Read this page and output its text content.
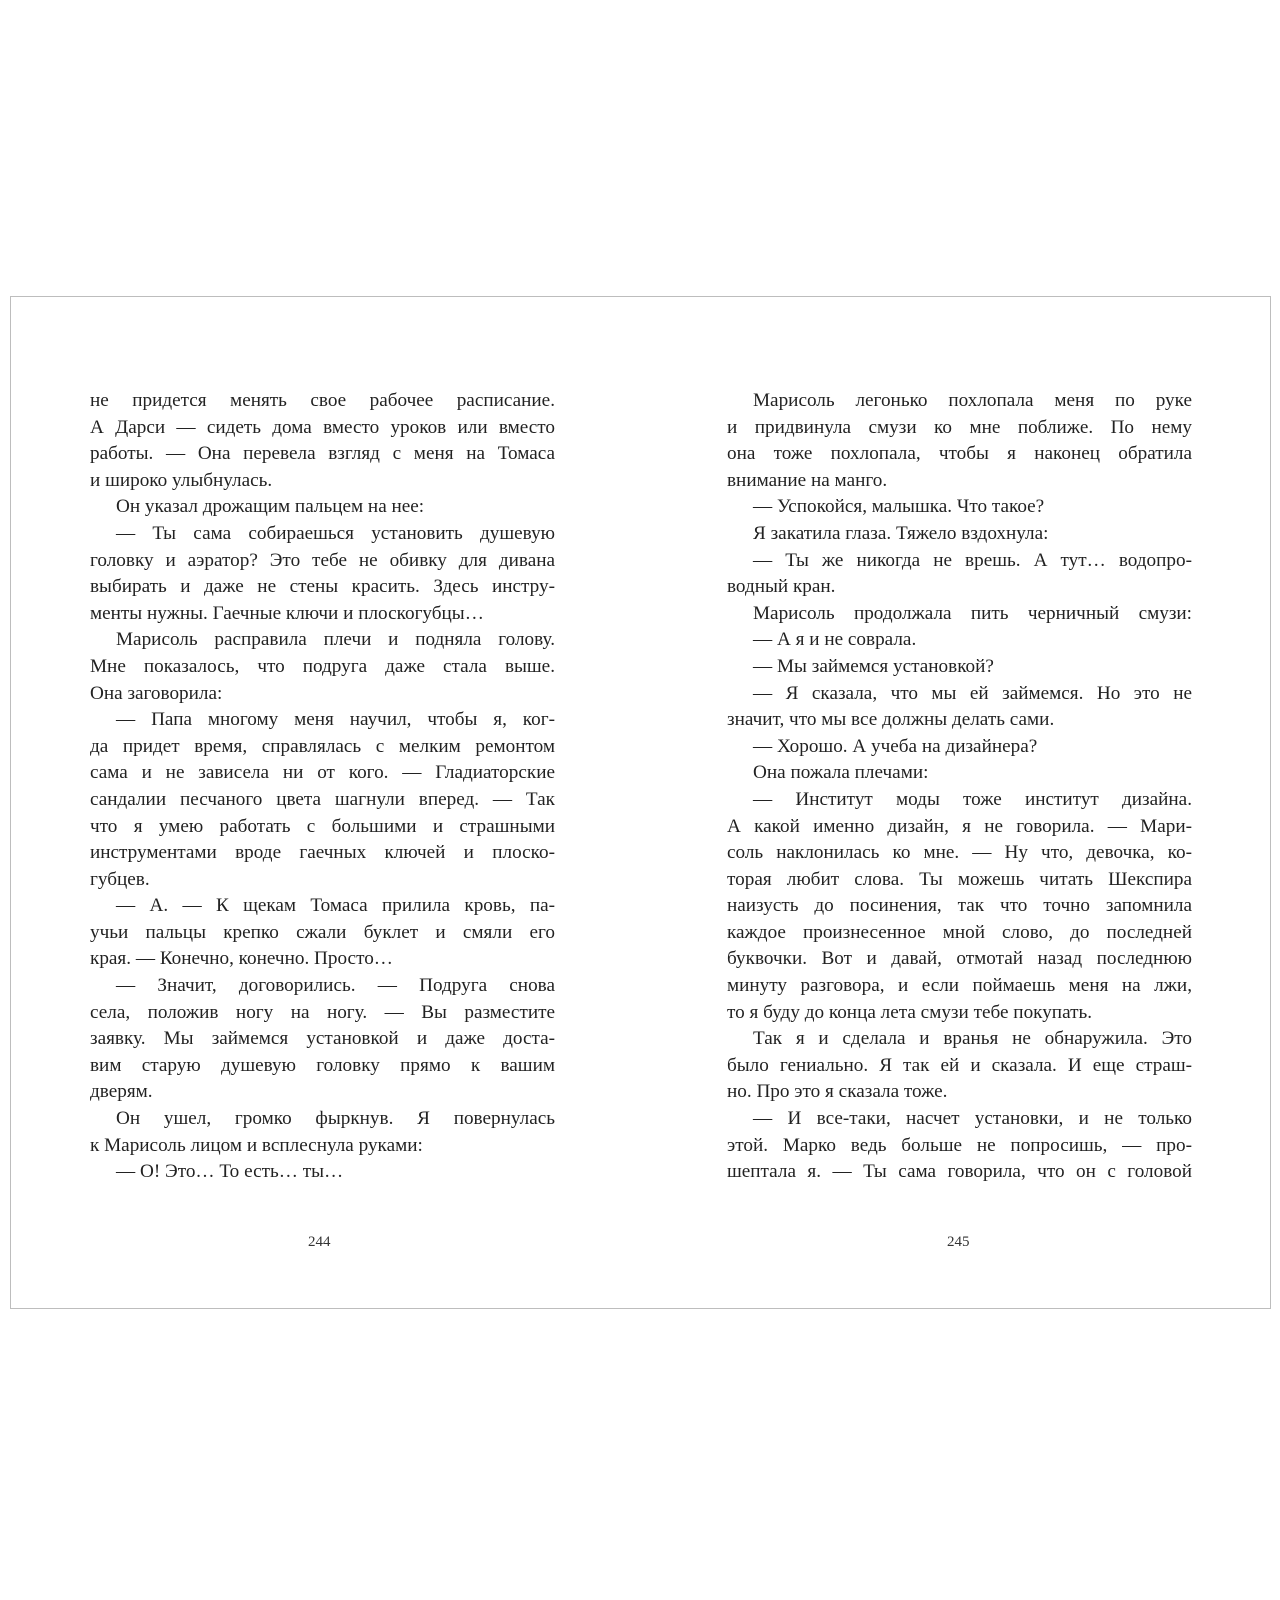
не придется менять свое рабочее расписание.
А Дарси — сидеть дома вместо уроков или вместо
работы. — Она перевела взгляд с меня на Томаса
и широко улыбнулась.
Он указал дрожащим пальцем на нее:
— Ты сама собираешься установить душевую
головку и аэратор? Это тебе не обивку для дивана
выбирать и даже не стены красить. Здесь инстру-
менты нужны. Гаечные ключи и плоскогубцы…
Марисоль расправила плечи и подняла голову.
Мне показалось, что подруга даже стала выше.
Она заговорила:
— Папа многому меня научил, чтобы я, ког-
да придет время, справлялась с мелким ремонтом
сама и не зависела ни от кого. — Гладиаторские
сандалии песчаного цвета шагнули вперед. — Так
что я умею работать с большими и страшными
инструментами вроде гаечных ключей и плоско-
губцев.
— А. — К щекам Томаса прилила кровь, па-
учьи пальцы крепко сжали буклет и смяли его
края. — Конечно, конечно. Просто…
— Значит, договорились. — Подруга снова
села, положив ногу на ногу. — Вы разместите
заявку. Мы займемся установкой и даже доста-
вим старую душевую головку прямо к вашим
дверям.
Он ушел, громко фыркнув. Я повернулась
к Марисоль лицом и всплеснула руками:
— О! Это… То есть… ты…
244
Марисоль легонько похлопала меня по руке
и придвинула смузи ко мне поближе. По нему
она тоже похлопала, чтобы я наконец обратила
внимание на манго.
— Успокойся, малышка. Что такое?
Я закатила глаза. Тяжело вздохнула:
— Ты же никогда не врешь. А тут… водопро-
водный кран.
Марисоль продолжала пить черничный смузи:
— А я и не соврала.
— Мы займемся установкой?
— Я сказала, что мы ей займемся. Но это не
значит, что мы все должны делать сами.
— Хорошо. А учеба на дизайнера?
Она пожала плечами:
— Институт моды тоже институт дизайна.
А какой именно дизайн, я не говорила. — Мари-
соль наклонилась ко мне. — Ну что, девочка, ко-
торая любит слова. Ты можешь читать Шекспира
наизусть до посинения, так что точно запомнила
каждое произнесенное мной слово, до последней
буквочки. Вот и давай, отмотай назад последнюю
минуту разговора, и если поймаешь меня на лжи,
то я буду до конца лета смузи тебе покупать.
Так я и сделала и вранья не обнаружила. Это
было гениально. Я так ей и сказала. И еще страш-
но. Про это я сказала тоже.
— И все-таки, насчет установки, и не только
этой. Марко ведь больше не попросишь, — про-
шептала я. — Ты сама говорила, что он с головой
245
